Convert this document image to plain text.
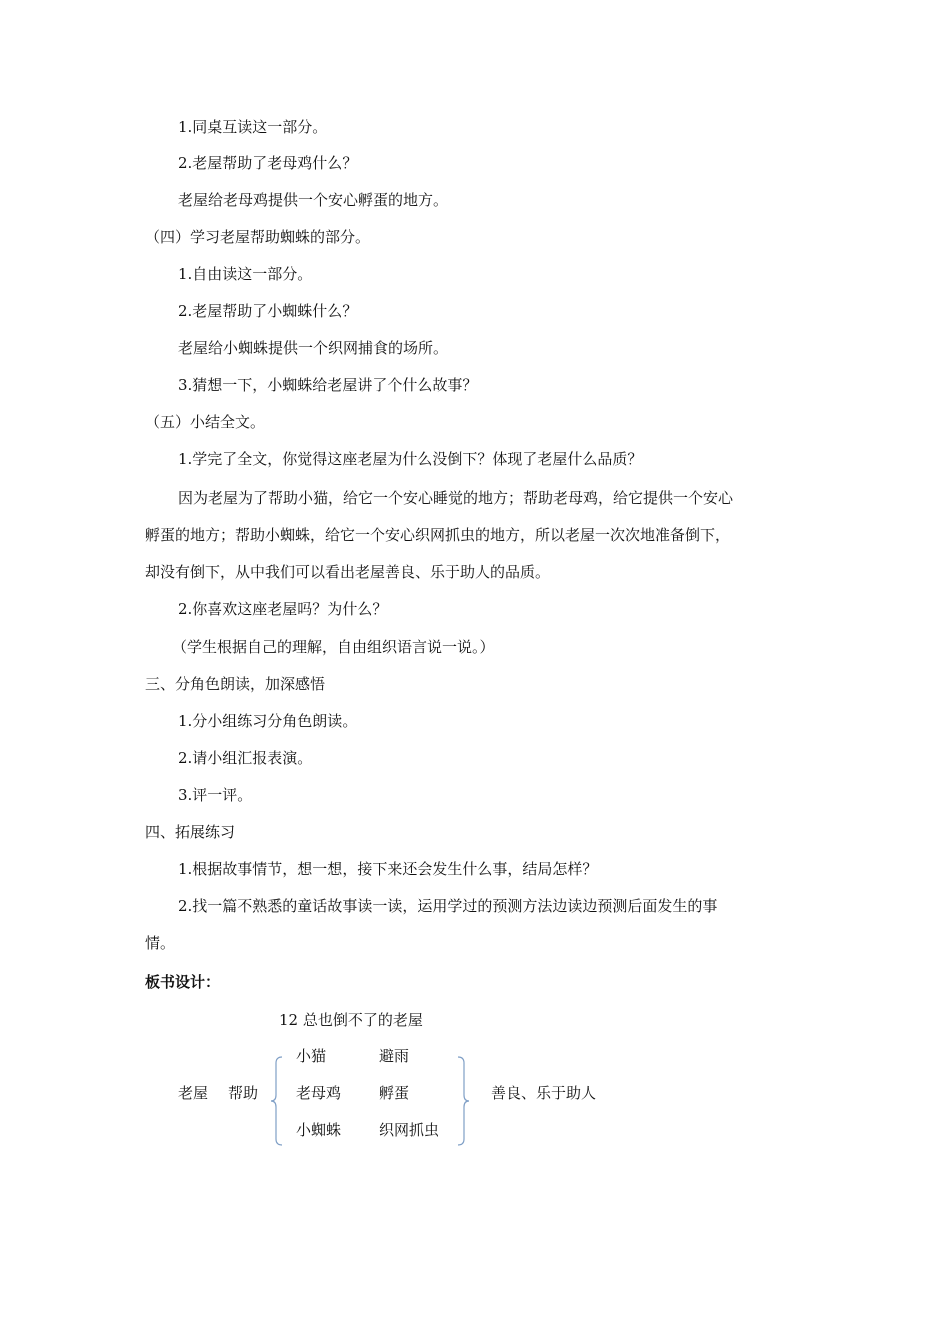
1.同桌互读这一部分。
2.老屋帮助了老母鸡什么？
老屋给老母鸡提供一个安心孵蛋的地方。
（四）学习老屋帮助蜘蛛的部分。
1.自由读这一部分。
2.老屋帮助了小蜘蛛什么？
老屋给小蜘蛛提供一个织网捕食的场所。
3.猜想一下，小蜘蛛给老屋讲了个什么故事？
（五）小结全文。
1.学完了全文，你觉得这座老屋为什么没倒下？体现了老屋什么品质？
因为老屋为了帮助小猫，给它一个安心睡觉的地方；帮助老母鸡，给它提供一个安心
孵蛋的地方；帮助小蜘蛛，给它一个安心织网抓虫的地方，所以老屋一次次地准备倒下，
却没有倒下，从中我们可以看出老屋善良、乐于助人的品质。
2.你喜欢这座老屋吗？为什么？
（学生根据自己的理解，自由组织语言说一说。）
三、分角色朗读，加深感悟
1.分小组练习分角色朗读。
2.请小组汇报表演。
3.评一评。
四、拓展练习
1.根据故事情节，想一想，接下来还会发生什么事，结局怎样？
2.找一篇不熟悉的童话故事读一读，运用学过的预测方法边读边预测后面发生的事
情。
板书设计：
12 总也倒不了的老屋
老屋 帮助
小猫	避雨
老母鸡	孵蛋
小蜘蛛	织网抓虫
善良、乐于助人
